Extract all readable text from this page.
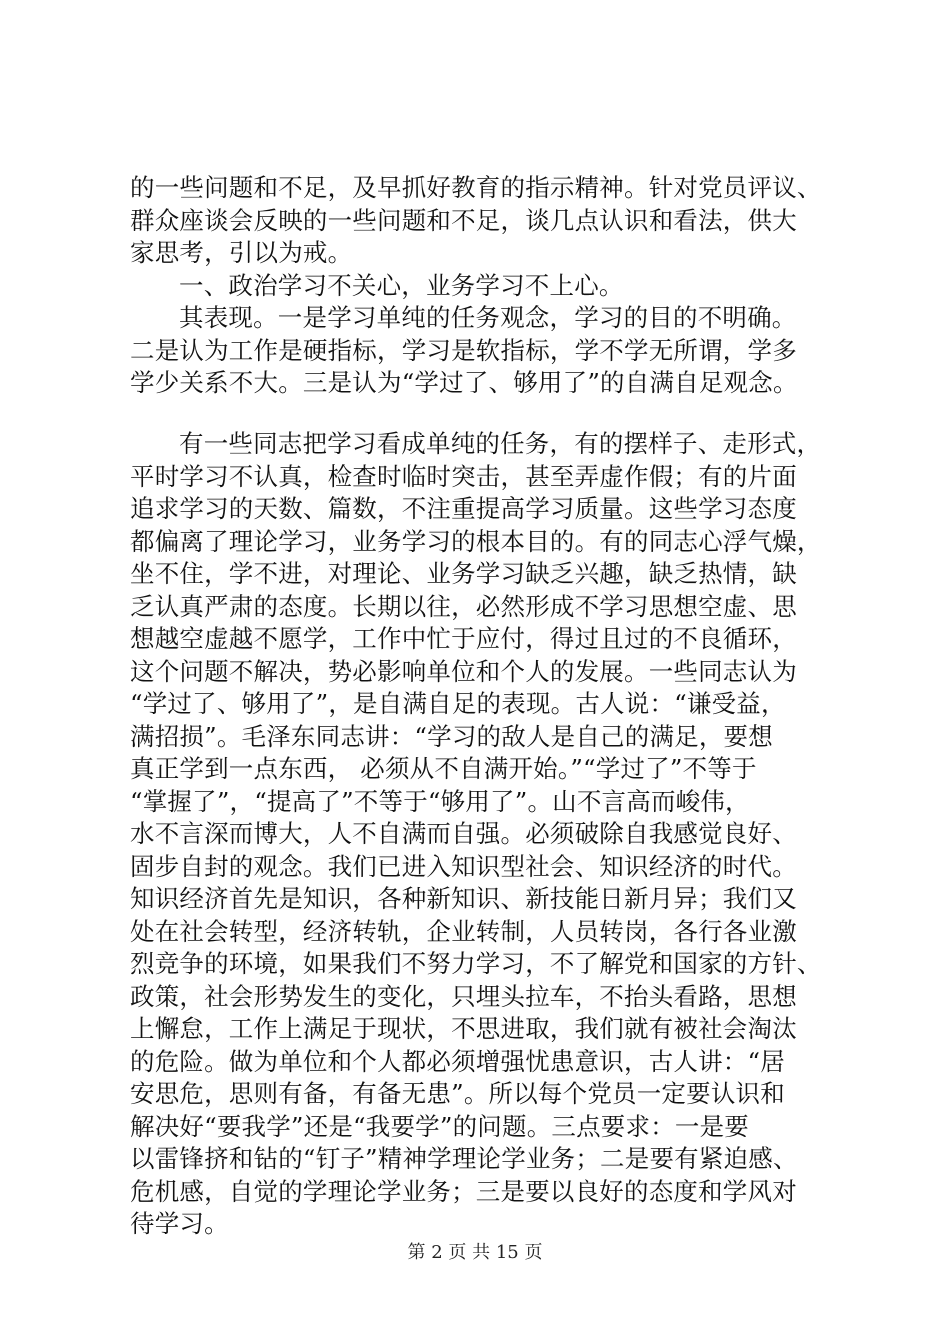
的一些问题和不足，及早抓好教育的指示精神。针对党员评议、
群众座谈会反映的一些问题和不足，谈几点认识和看法，供大
家思考，引以为戒。
一、政治学习不关心，业务学习不上心。
其表现。一是学习单纯的任务观念，学习的目的不明确。
二是认为工作是硬指标，学习是软指标，学不学无所谓，学多
学少关系不大。三是认为“学过了、够用了”的自满自足观念。
有一些同志把学习看成单纯的任务，有的摆样子、走形式，
平时学习不认真，检查时临时突击，甚至弄虚作假；有的片面
追求学习的天数、篇数，不注重提高学习质量。这些学习态度
都偏离了理论学习，业务学习的根本目的。有的同志心浮气燥，
坐不住，学不进，对理论、业务学习缺乏兴趣，缺乏热情，缺
乏认真严肃的态度。长期以往，必然形成不学习思想空虚、思
想越空虚越不愿学，工作中忙于应付，得过且过的不良循环，
这个问题不解决，势必影响单位和个人的发展。一些同志认为
“学过了、够用了”，是自满自足的表现。古人说：“谦受益，
满招损”。毛泽东同志讲：“学习的敌人是自己的满足，要想
真正学到一点东西， 必须从不自满开始。”“学过了”不等于
“掌握了”，“提高了”不等于“够用了”。山不言高而峻伟，
水不言深而博大，人不自满而自强。必须破除自我感觉良好、
固步自封的观念。我们已进入知识型社会、知识经济的时代。
知识经济首先是知识，各种新知识、新技能日新月异；我们又
处在社会转型，经济转轨，企业转制，人员转岗，各行各业激
烈竞争的环境，如果我们不努力学习，不了解党和国家的方针、
政策，社会形势发生的变化，只埋头拉车，不抬头看路，思想
上懈怠，工作上满足于现状，不思进取，我们就有被社会淘汰
的危险。做为单位和个人都必须增强忧患意识，古人讲：“居
安思危，思则有备，有备无患”。所以每个党员一定要认识和
解决好“要我学”还是“我要学”的问题。三点要求：一是要
以雷锋挤和钻的“钉子”精神学理论学业务；二是要有紧迫感、
危机感，自觉的学理论学业务；三是要以良好的态度和学风对
待学习。
第 2 页 共 15 页
